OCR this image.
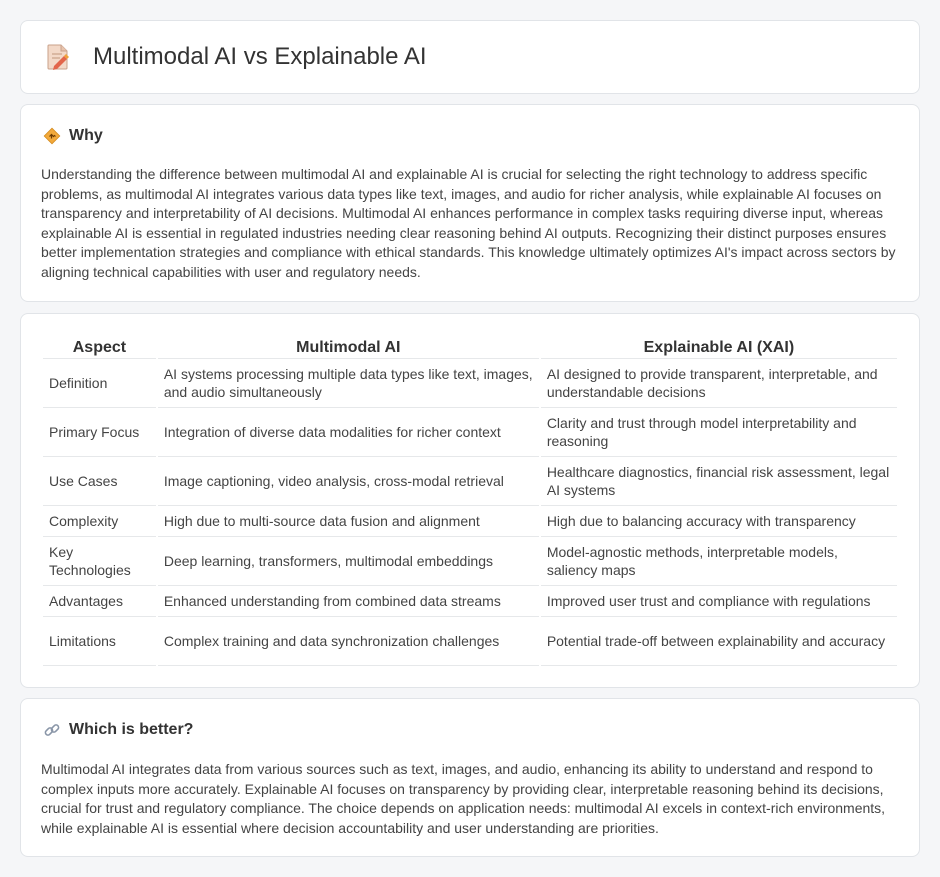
Multimodal AI vs Explainable AI
Why

Understanding the difference between multimodal AI and explainable AI is crucial for selecting the right technology to address specific problems, as multimodal AI integrates various data types like text, images, and audio for richer analysis, while explainable AI focuses on transparency and interpretability of AI decisions. Multimodal AI enhances performance in complex tasks requiring diverse input, whereas explainable AI is essential in regulated industries needing clear reasoning behind AI outputs. Recognizing their distinct purposes ensures better implementation strategies and compliance with ethical standards. This knowledge ultimately optimizes AI's impact across sectors by aligning technical capabilities with user and regulatory needs.

Aspect	Multimodal AI	Explainable AI (XAI)
Definition	AI systems processing multiple data types like text, images, and audio simultaneously	AI designed to provide transparent, interpretable, and understandable decisions
Primary Focus	Integration of diverse data modalities for richer context	Clarity and trust through model interpretability and reasoning
Use Cases	Image captioning, video analysis, cross-modal retrieval	Healthcare diagnostics, financial risk assessment, legal AI systems
Complexity	High due to multi-source data fusion and alignment	High due to balancing accuracy with transparency
Key Technologies	Deep learning, transformers, multimodal embeddings	Model-agnostic methods, interpretable models, saliency maps
Advantages	Enhanced understanding from combined data streams	Improved user trust and compliance with regulations
Limitations	Complex training and data synchronization challenges	Potential trade-off between explainability and accuracy
Which is better?

Multimodal AI integrates data from various sources such as text, images, and audio, enhancing its ability to understand and respond to complex inputs more accurately. Explainable AI focuses on transparency by providing clear, interpretable reasoning behind its decisions, crucial for trust and regulatory compliance. The choice depends on application needs: multimodal AI excels in context-rich environments, while explainable AI is essential where decision accountability and user understanding are priorities.
